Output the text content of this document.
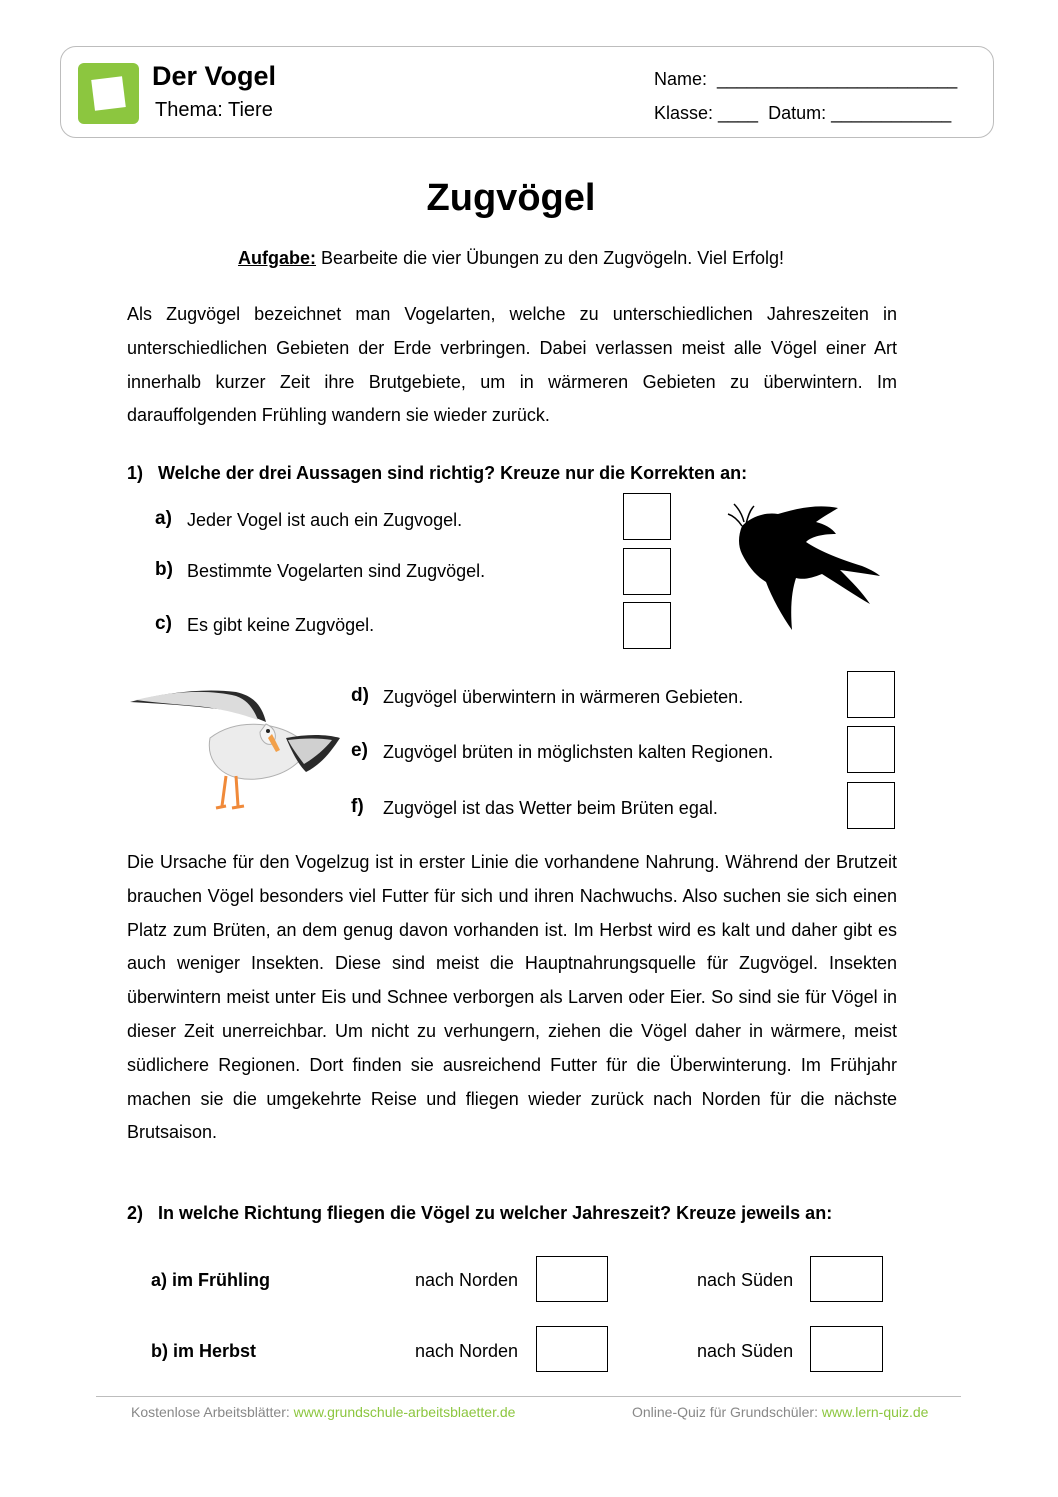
Der Vogel
Thema: Tiere
Name:  ________________________
Klasse: ____  Datum: ____________
Zugvögel
Aufgabe: Bearbeite die vier Übungen zu den Zugvögeln. Viel Erfolg!
Als Zugvögel bezeichnet man Vogelarten, welche zu unterschiedlichen Jahreszeiten in unterschiedlichen Gebieten der Erde verbringen. Dabei verlassen meist alle Vögel einer Art innerhalb kurzer Zeit ihre Brutgebiete, um in wärmeren Gebieten zu überwintern. Im darauffolgenden Frühling wandern sie wieder zurück.
1)   Welche der drei Aussagen sind richtig? Kreuze nur die Korrekten an:
a) Jeder Vogel ist auch ein Zugvogel.
b) Bestimmte Vogelarten sind Zugvögel.
c) Es gibt keine Zugvögel.
d) Zugvögel überwintern in wärmeren Gebieten.
e) Zugvögel brüten in möglichsten kalten Regionen.
f) Zugvögel ist das Wetter beim Brüten egal.
Die Ursache für den Vogelzug ist in erster Linie die vorhandene Nahrung. Während der Brutzeit brauchen Vögel besonders viel Futter für sich und ihren Nachwuchs. Also suchen sie sich einen Platz zum Brüten, an dem genug davon vorhanden ist. Im Herbst wird es kalt und daher gibt es auch weniger Insekten. Diese sind meist die Hauptnahrungsquelle für Zugvögel. Insekten überwintern meist unter Eis und Schnee verborgen als Larven oder Eier. So sind sie für Vögel in dieser Zeit unerreichbar. Um nicht zu verhungern, ziehen die Vögel daher in wärmere, meist südlichere Regionen. Dort finden sie ausreichend Futter für die Überwinterung. Im Frühjahr machen sie die umgekehrte Reise und fliegen wieder zurück nach Norden für die nächste Brutsaison.
2)   In welche Richtung fliegen die Vögel zu welcher Jahreszeit? Kreuze jeweils an:
a) im Frühling	nach Norden	nach Süden
b) im Herbst	nach Norden	nach Süden
Kostenlose Arbeitsblätter: www.grundschule-arbeitsblaetter.de	Online-Quiz für Grundschüler: www.lern-quiz.de
